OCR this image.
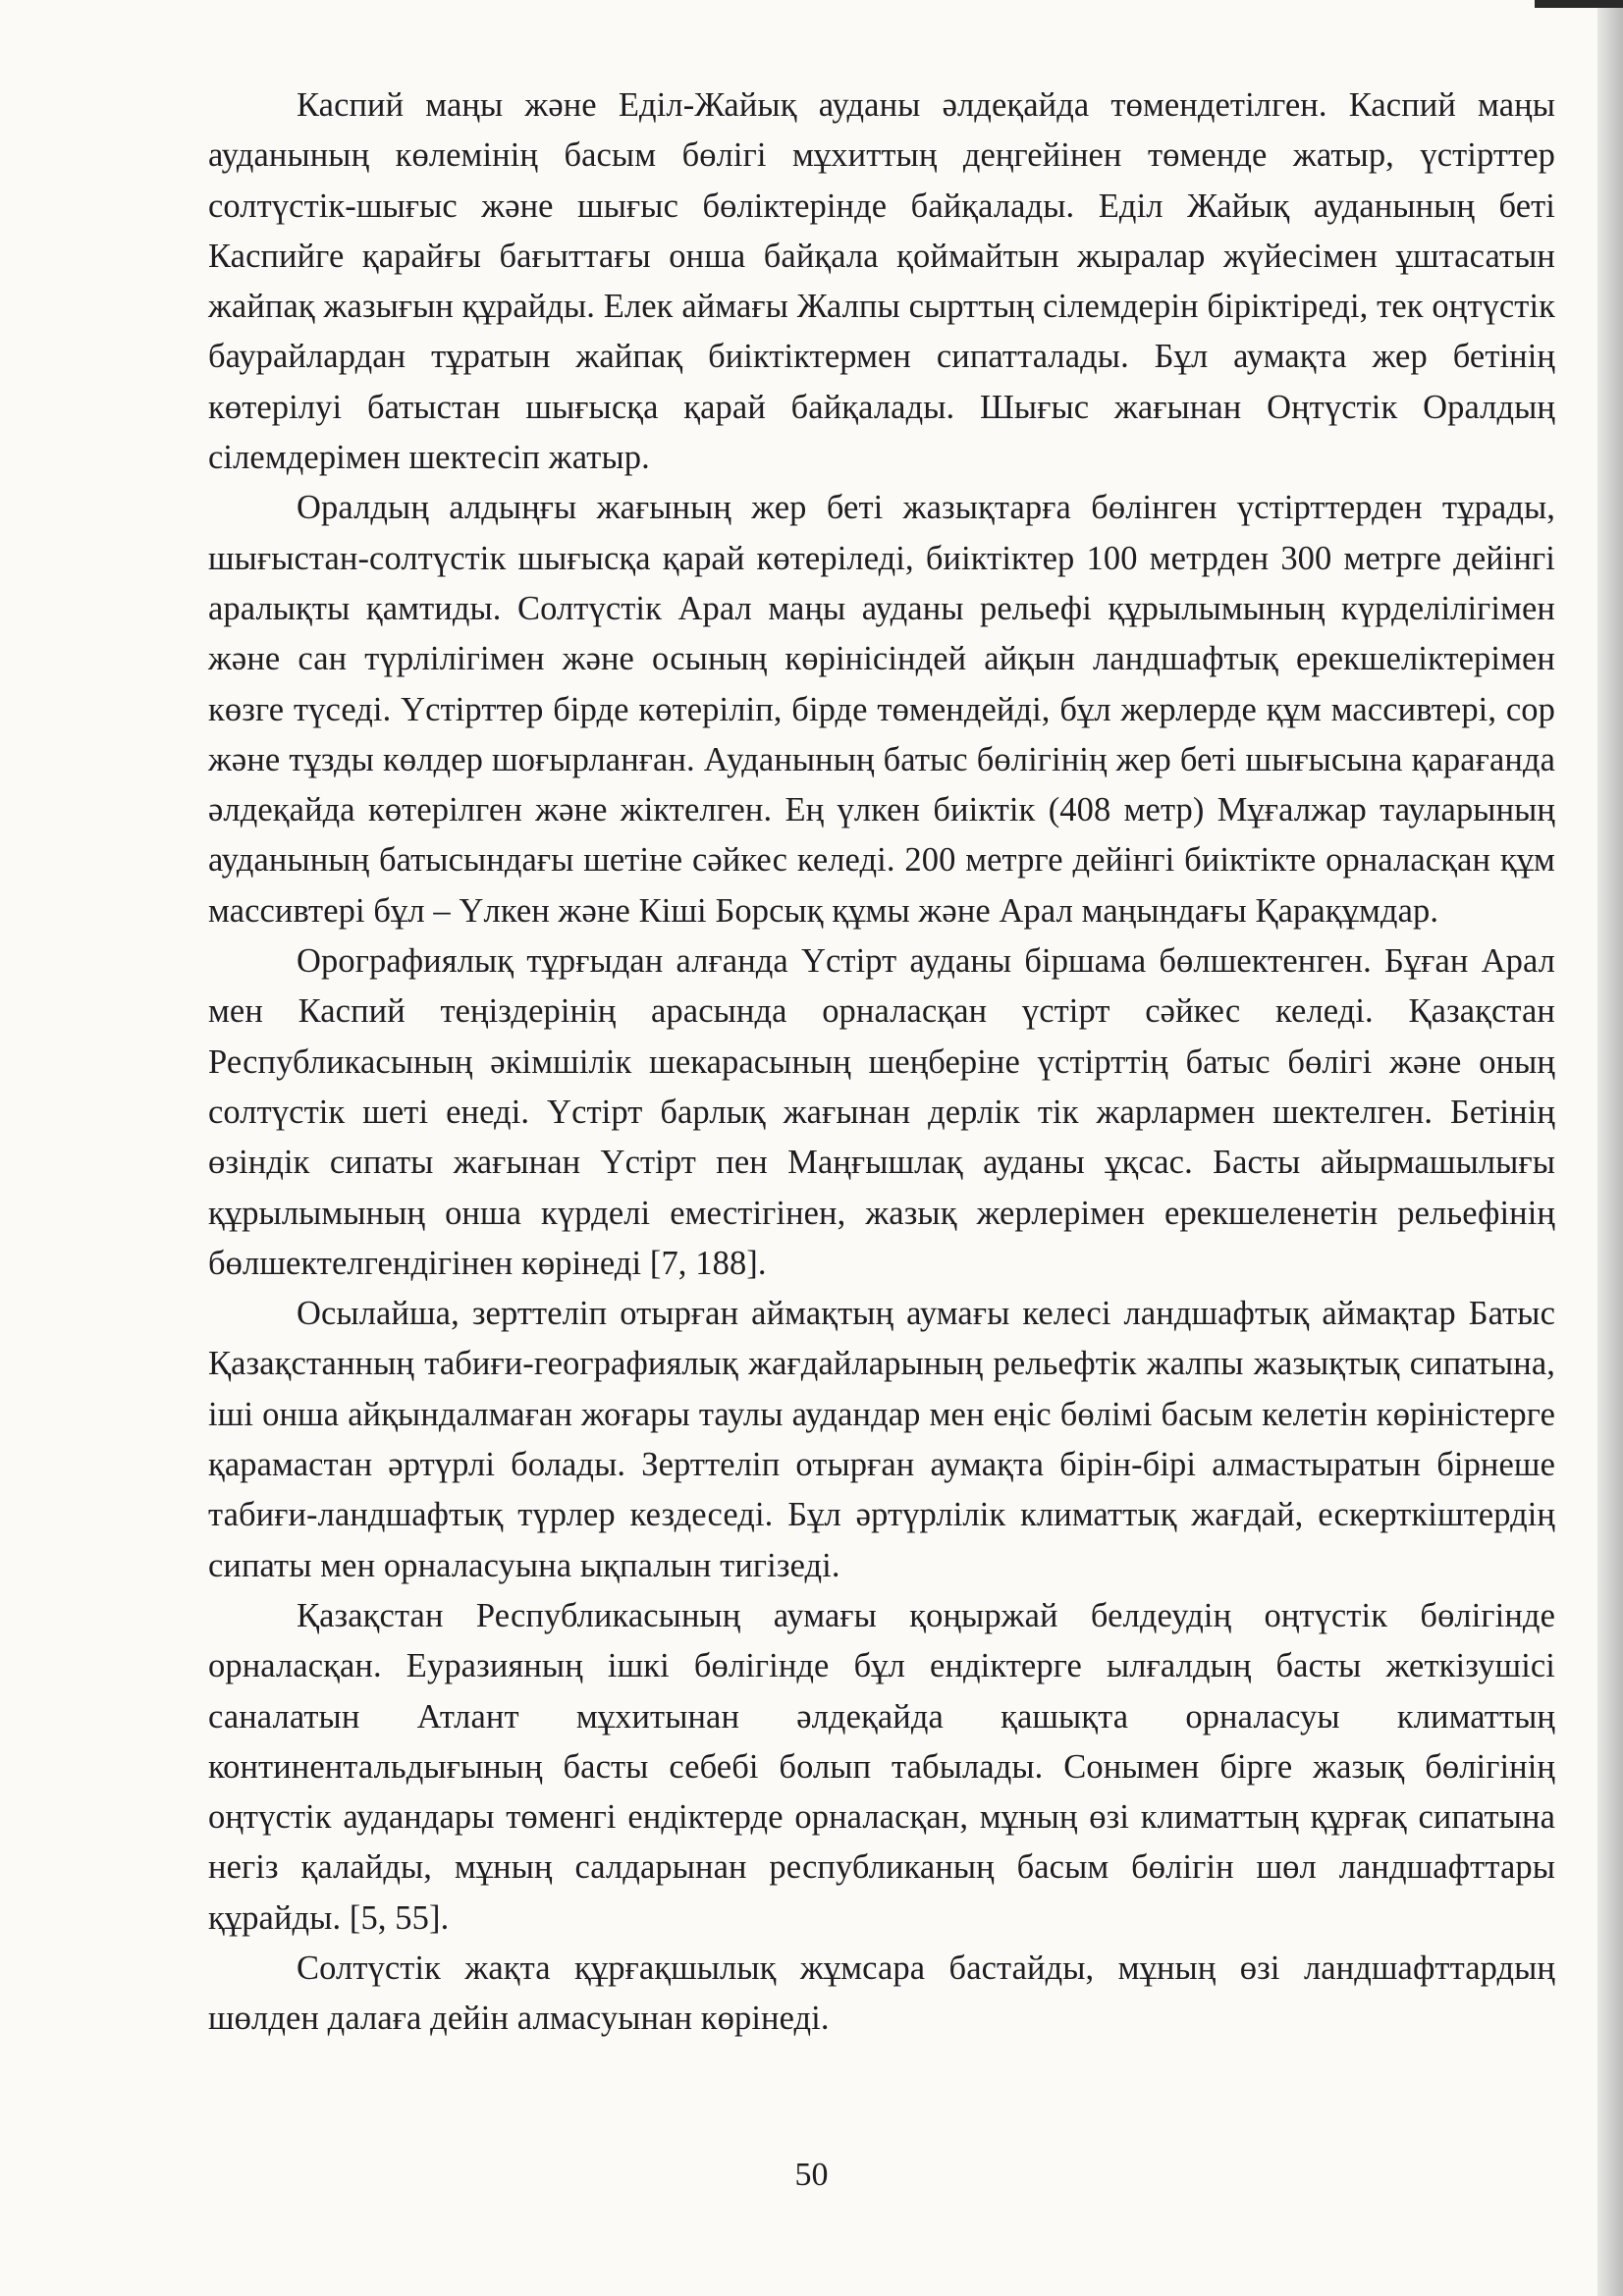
Каспий маңы және Еділ-Жайық ауданы әлдеқайда төмендетілген. Каспий маңы ауданының көлемінің басым бөлігі мұхиттың деңгейінен төменде жатыр, үстірттер солтүстік-шығыс және шығыс бөліктерінде байқалады. Еділ Жайық ауданының беті Каспийге қарайғы бағыттағы онша байқала қоймайтын жыралар жүйесімен ұштасатын жайпақ жазығын құрайды. Елек аймағы Жалпы сырттың сілемдерін біріктіреді, тек оңтүстік баурайлардан тұратын жайпақ биіктіктермен сипатталады. Бұл аумақта жер бетінің көтерілуі батыстан шығысқа қарай байқалады. Шығыс жағынан Оңтүстік Оралдың сілемдерімен шектесіп жатыр.

Оралдың алдыңғы жағының жер беті жазықтарға бөлінген үстірттерден тұрады, шығыстан-солтүстік шығысқа қарай көтеріледі, биіктіктер 100 метрден 300 метрге дейінгі аралықты қамтиды. Солтүстік Арал маңы ауданы рельефі құрылымының күрделілігімен және сан түрлілігімен және осының көрінісіндей айқын ландшафтық ерекшеліктерімен көзге түседі. Үстірттер бірде көтеріліп, бірде төмендейді, бұл жерлерде құм массивтері, сор және тұзды көлдер шоғырланған. Ауданының батыс бөлігінің жер беті шығысына қарағанда әлдеқайда көтерілген және жіктелген. Ең үлкен биіктік (408 метр) Мұғалжар тауларының ауданының батысындағы шетіне сәйкес келеді. 200 метрге дейінгі биіктікте орналасқан құм массивтері бұл – Үлкен және Кіші Борсық құмы және Арал маңындағы Қарақұмдар.

Орографиялық тұрғыдан алғанда Үстірт ауданы біршама бөлшектенген. Бұған Арал мен Каспий теңіздерінің арасында орналасқан үстірт сәйкес келеді. Қазақстан Республикасының әкімшілік шекарасының шеңберіне үстірттің батыс бөлігі және оның солтүстік шеті енеді. Үстірт барлық жағынан дерлік тік жарлармен шектелген. Бетінің өзіндік сипаты жағынан Үстірт пен Маңғышлақ ауданы ұқсас. Басты айырмашылығы құрылымының онша күрделі еместігінен, жазық жерлерімен ерекшеленетін рельефінің бөлшектелгендігінен көрінеді [7, 188].

Осылайша, зерттеліп отырған аймақтың аумағы келесі ландшафтық аймақтар Батыс Қазақстанның табиғи-географиялық жағдайларының рельефтік жалпы жазықтық сипатына, іші онша айқындалмаған жоғары таулы аудандар мен еңіс бөлімі басым келетін көріністерге қарамастан әртүрлі болады. Зерттеліп отырған аумақта бірін-бірі алмастыратын бірнеше табиғи-ландшафтық түрлер кездеседі. Бұл әртүрлілік климаттық жағдай, ескерткіштердің сипаты мен орналасуына ықпалын тигізеді.

Қазақстан Республикасының аумағы қоңыржай белдеудің оңтүстік бөлігінде орналасқан. Еуразияның ішкі бөлігінде бұл ендіктерге ылғалдың басты жеткізушісі саналатын Атлант мұхитынан әлдеқайда қашықта орналасуы климаттың континентальдығының басты себебі болып табылады. Сонымен бірге жазық бөлігінің оңтүстік аудандары төменгі ендіктерде орналасқан, мұның өзі климаттың құрғақ сипатына негіз қалайды, мұның салдарынан республиканың басым бөлігін шөл ландшафттары құрайды. [5, 55].

Солтүстік жақта құрғақшылық жұмсара бастайды, мұның өзі ландшафттардың шөлден далаға дейін алмасуынан көрінеді.

50
